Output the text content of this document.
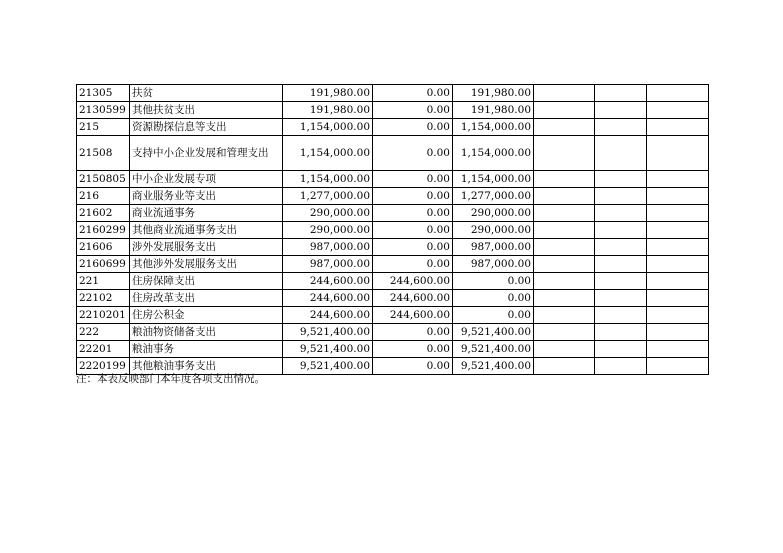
21305	扶贫	191,980.00	0.00	191,980.00			
2130599	其他扶贫支出	191,980.00	0.00	191,980.00			
215	资源勘探信息等支出	1,154,000.00	0.00	1,154,000.00			
21508	支持中小企业发展和管理支出	1,154,000.00	0.00	1,154,000.00			
2150805	中小企业发展专项	1,154,000.00	0.00	1,154,000.00			
216	商业服务业等支出	1,277,000.00	0.00	1,277,000.00			
21602	商业流通事务	290,000.00	0.00	290,000.00			
2160299	其他商业流通事务支出	290,000.00	0.00	290,000.00			
21606	涉外发展服务支出	987,000.00	0.00	987,000.00			
2160699	其他涉外发展服务支出	987,000.00	0.00	987,000.00			
221	住房保障支出	244,600.00	244,600.00	0.00			
22102	住房改革支出	244,600.00	244,600.00	0.00			
2210201	住房公积金	244,600.00	244,600.00	0.00			
222	粮油物资储备支出	9,521,400.00	0.00	9,521,400.00			
22201	粮油事务	9,521,400.00	0.00	9,521,400.00			
2220199	其他粮油事务支出	9,521,400.00	0.00	9,521,400.00			
注：本表反映部门本年度各项支出情况。
